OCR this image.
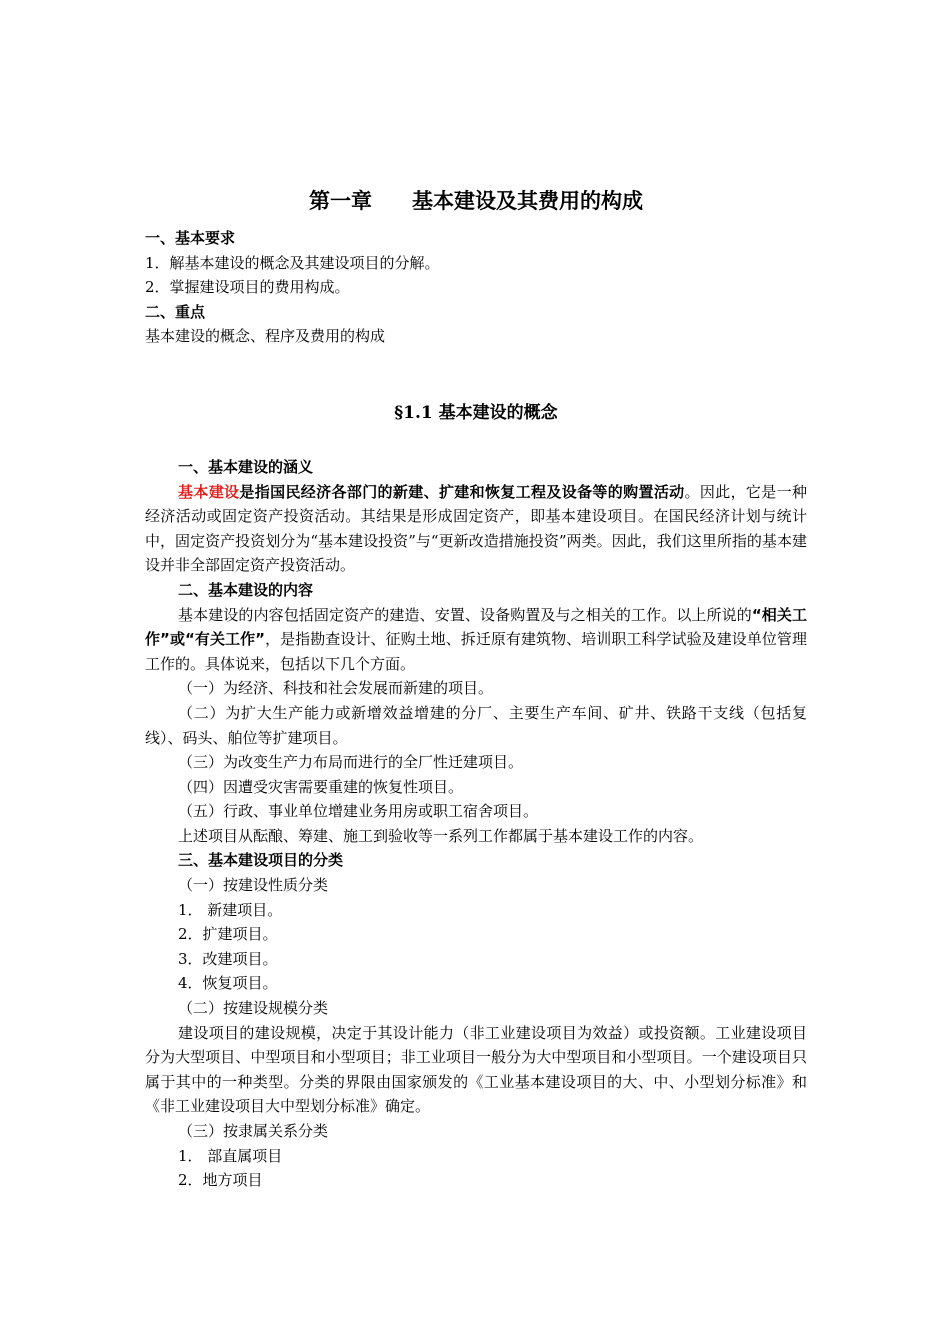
第一章 基本建设及其费用的构成

一、基本要求

1．解基本建设的概念及其建设项目的分解。

2．掌握建设项目的费用构成。

二、重点

基本建设的概念、程序及费用的构成

§1.1 基本建设的概念

一、基本建设的涵义

基本建设是指国民经济各部门的新建、扩建和恢复工程及设备等的购置活动。因此，它是一种经济活动或固定资产投资活动。其结果是形成固定资产，即基本建设项目。在国民经济计划与统计中，固定资产投资划分为“基本建设投资”与“更新改造措施投资”两类。因此，我们这里所指的基本建设并非全部固定资产投资活动。

二、基本建设的内容

基本建设的内容包括固定资产的建造、安置、设备购置及与之相关的工作。以上所说的“相关工作”或“有关工作”，是指勘查设计、征购土地、拆迁原有建筑物、培训职工科学试验及建设单位管理工作的。具体说来，包括以下几个方面。

（一）为经济、科技和社会发展而新建的项目。

（二）为扩大生产能力或新增效益增建的分厂、主要生产车间、矿井、铁路干支线（包括复线）、码头、舶位等扩建项目。

（三）为改变生产力布局而进行的全厂性迁建项目。

（四）因遭受灾害需要重建的恢复性项目。

（五）行政、事业单位增建业务用房或职工宿舍项目。

上述项目从酝酿、筹建、施工到验收等一系列工作都属于基本建设工作的内容。

三、基本建设项目的分类

（一）按建设性质分类

1． 新建项目。

2．扩建项目。

3．改建项目。

4．恢复项目。

（二）按建设规模分类

建设项目的建设规模，决定于其设计能力（非工业建设项目为效益）或投资额。工业建设项目分为大型项目、中型项目和小型项目；非工业项目一般分为大中型项目和小型项目。一个建设项目只属于其中的一种类型。分类的界限由国家颁发的《工业基本建设项目的大、中、小型划分标准》和《非工业建设项目大中型划分标准》确定。

（三）按隶属关系分类

1． 部直属项目

2．地方项目
